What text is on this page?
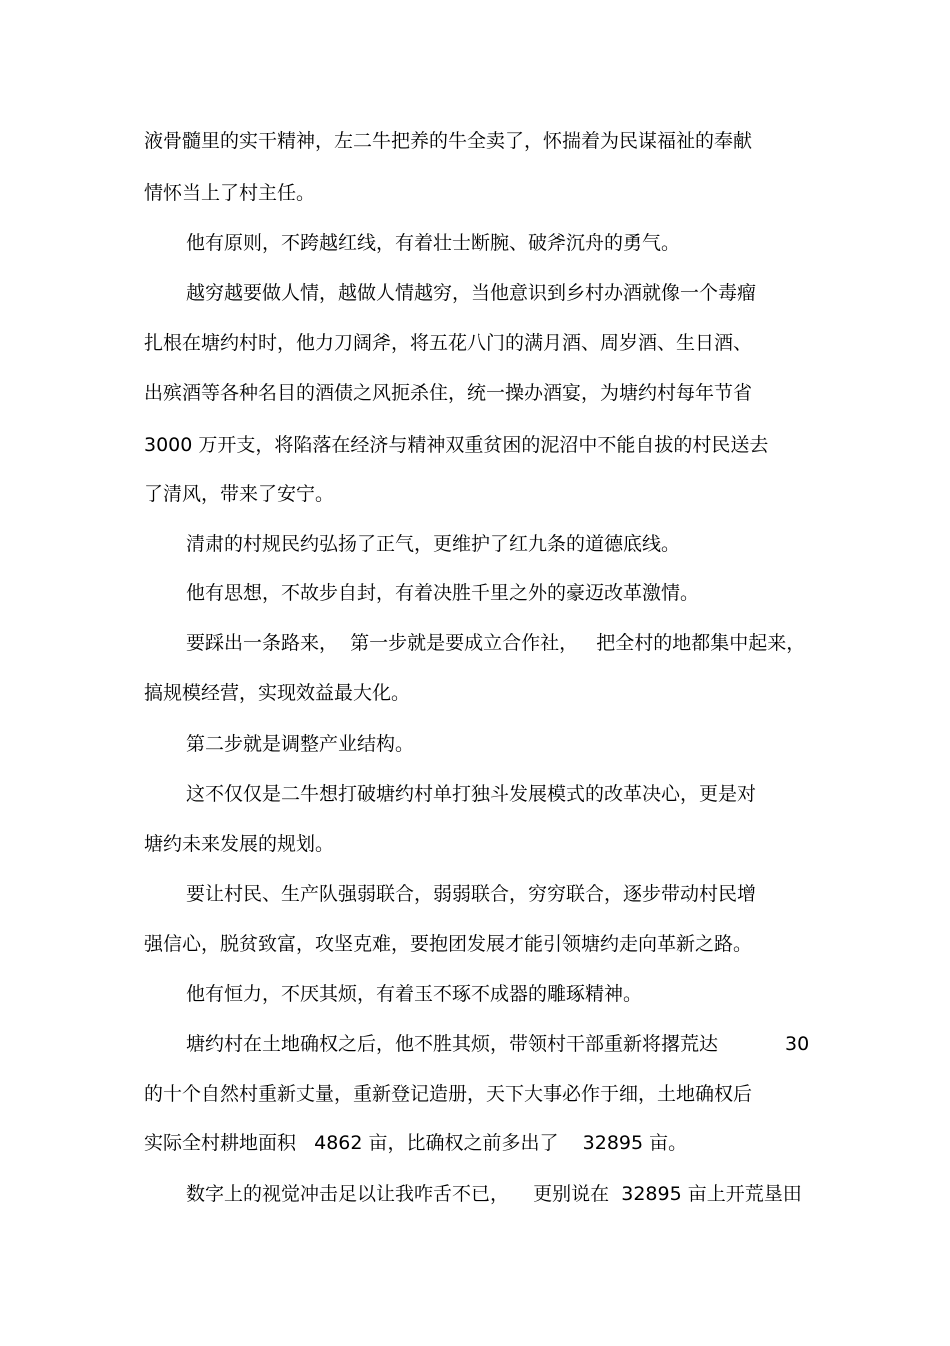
液骨髓里的实干精神，左二牛把养的牛全卖了，怀揣着为民谋福祉的奉献

情怀当上了村主任。

他有原则，不跨越红线，有着壮士断腕、破斧沉舟的勇气。

越穷越要做人情，越做人情越穷，当他意识到乡村办酒就像一个毒瘤

扎根在塘约村时，他力刀阔斧，将五花八门的满月酒、周岁酒、生日酒、

出殡酒等各种名目的酒债之风扼杀住，统一操办酒宴，为塘约村每年节省

3000 万开支，将陷落在经济与精神双重贫困的泥沼中不能自拔的村民送去

了清风，带来了安宁。

清肃的村规民约弘扬了正气，更维护了红九条的道德底线。

他有思想，不故步自封，有着决胜千里之外的豪迈改革激情。

要踩出一条路来，  第一步就是要成立合作社，   把全村的地都集中起来，

搞规模经营，实现效益最大化。

第二步就是调整产业结构。

这不仅仅是二牛想打破塘约村单打独斗发展模式的改革决心，更是对

塘约未来发展的规划。

要让村民、生产队强弱联合，弱弱联合，穷穷联合，逐步带动村民增

强信心，脱贫致富，攻坚克难，要抱团发展才能引领塘约走向革新之路。

他有恒力，不厌其烦，有着玉不琢不成器的雕琢精神。

塘约村在土地确权之后，他不胜其烦，带领村干部重新将撂荒达	30

的十个自然村重新丈量，重新登记造册，天下大事必作于细，土地确权后

实际全村耕地面积   4862 亩，比确权之前多出了    32895 亩。

数字上的视觉冲击足以让我咋舌不已，    更别说在  32895 亩上开荒垦田
